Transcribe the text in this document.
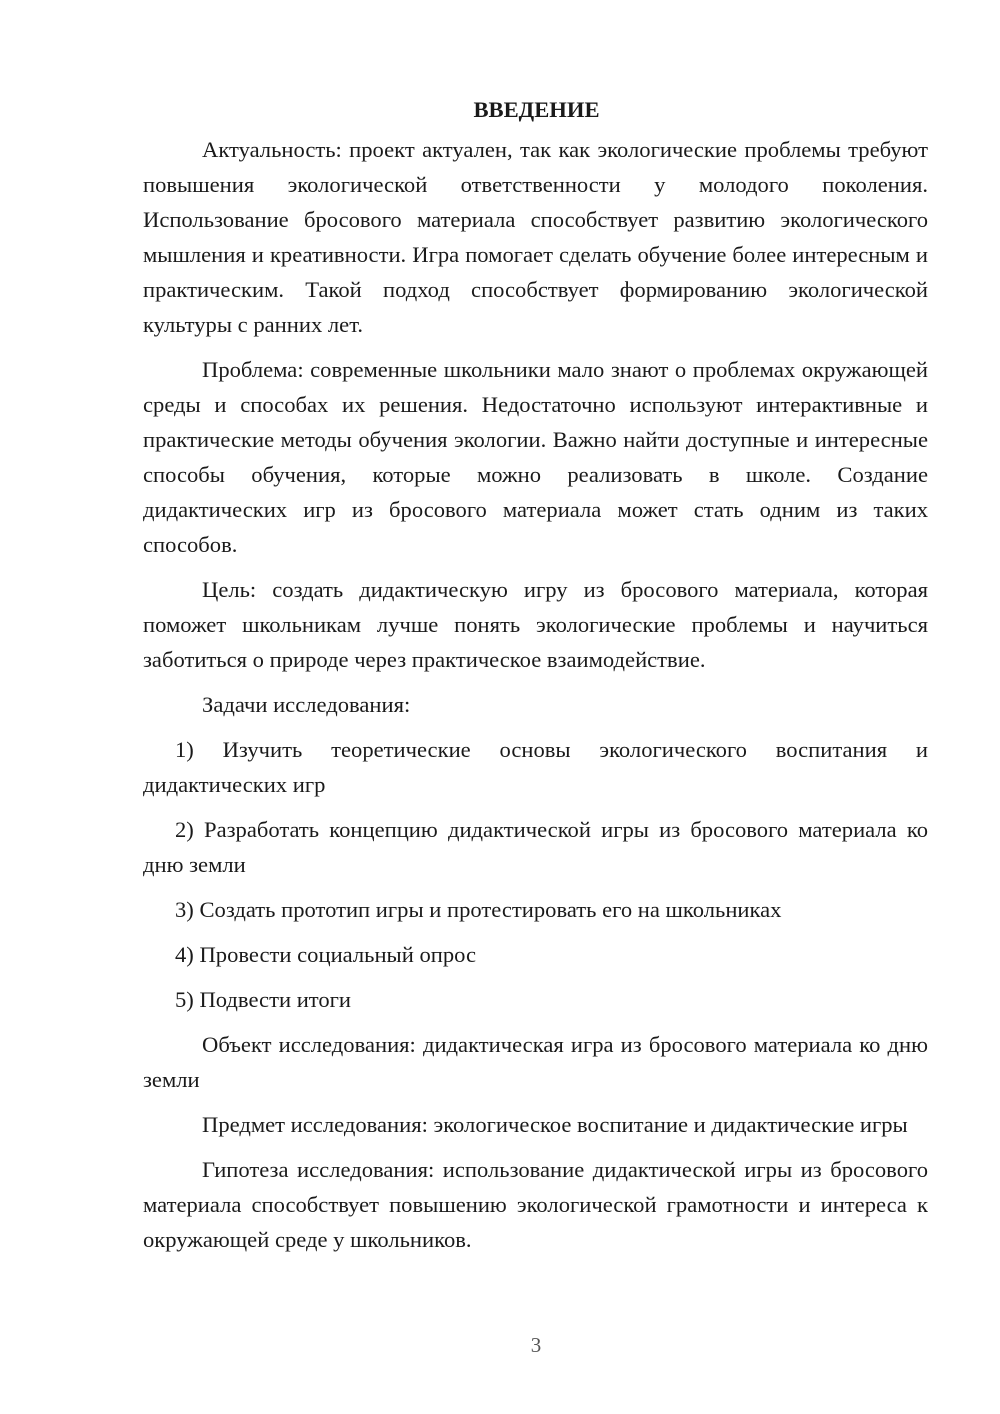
ВВЕДЕНИЕ

Актуальность: проект актуален, так как экологические проблемы требуют повышения экологической ответственности у молодого поколения. Использование бросового материала способствует развитию экологического мышления и креативности. Игра помогает сделать обучение более интересным и практическим. Такой подход способствует формированию экологической культуры с ранних лет.

Проблема: современные школьники мало знают о проблемах окружающей среды и способах их решения. Недостаточно используют интерактивные и практические методы обучения экологии. Важно найти доступные и интересные способы обучения, которые можно реализовать в школе. Создание дидактических игр из бросового материала может стать одним из таких способов.

Цель: создать дидактическую игру из бросового материала, которая поможет школьникам лучше понять экологические проблемы и научиться заботиться о природе через практическое взаимодействие.

Задачи исследования:

1) Изучить теоретические основы экологического воспитания и дидактических игр

2) Разработать концепцию дидактической игры из бросового материала ко дню земли

3) Создать прототип игры и протестировать его на школьниках

4) Провести социальный опрос

5) Подвести итоги

Объект исследования: дидактическая игра из бросового материала ко дню земли

Предмет исследования: экологическое воспитание и дидактические игры

Гипотеза исследования: использование дидактической игры из бросового материала способствует повышению экологической грамотности и интереса к окружающей среде у школьников.

3
